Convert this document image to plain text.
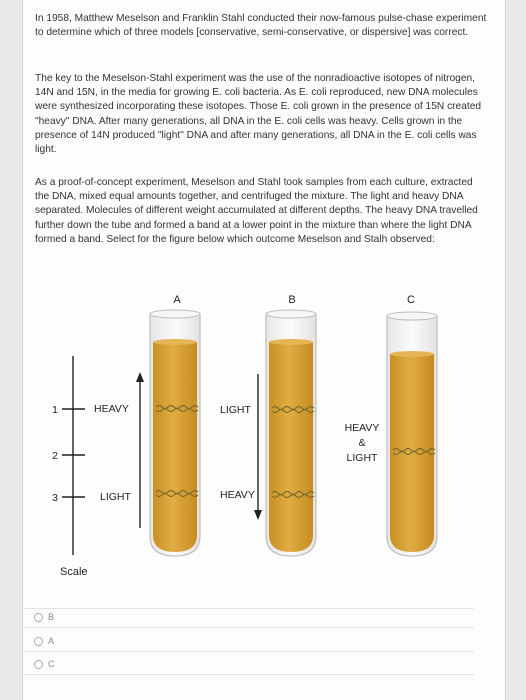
In 1958, Matthew Meselson and Franklin Stahl conducted their now-famous pulse-chase experiment to determine which of three models [conservative, semi-conservative, or dispersive] was correct.

The key to the Meselson-Stahl experiment was the use of the nonradioactive isotopes of nitrogen, 14N and 15N, in the media for growing E. coli bacteria. As E. coli reproduced, new DNA molecules were synthesized incorporating these isotopes. Those E. coli grown in the presence of 15N created "heavy" DNA. After many generations, all DNA in the E. coli cells was heavy. Cells grown in the presence of 14N produced "light" DNA and after many generations, all DNA in the E. coli cells was light.

As a proof-of-concept experiment, Meselson and Stahl took samples from each culture, extracted the DNA, mixed equal amounts together, and centrifuged the mixture. The light and heavy DNA separated. Molecules of different weight accumulated at different depths. The heavy DNA travelled further down the tube and formed a band at a lower point in the mixture than where the light DNA formed a band. Select for the figure below which outcome Meselson and Stalh observed:

A	B	C
1
2
3
HEAVY
LIGHT
Scale
LIGHT
HEAVY
HEAVY
&
LIGHT
B
A
C
